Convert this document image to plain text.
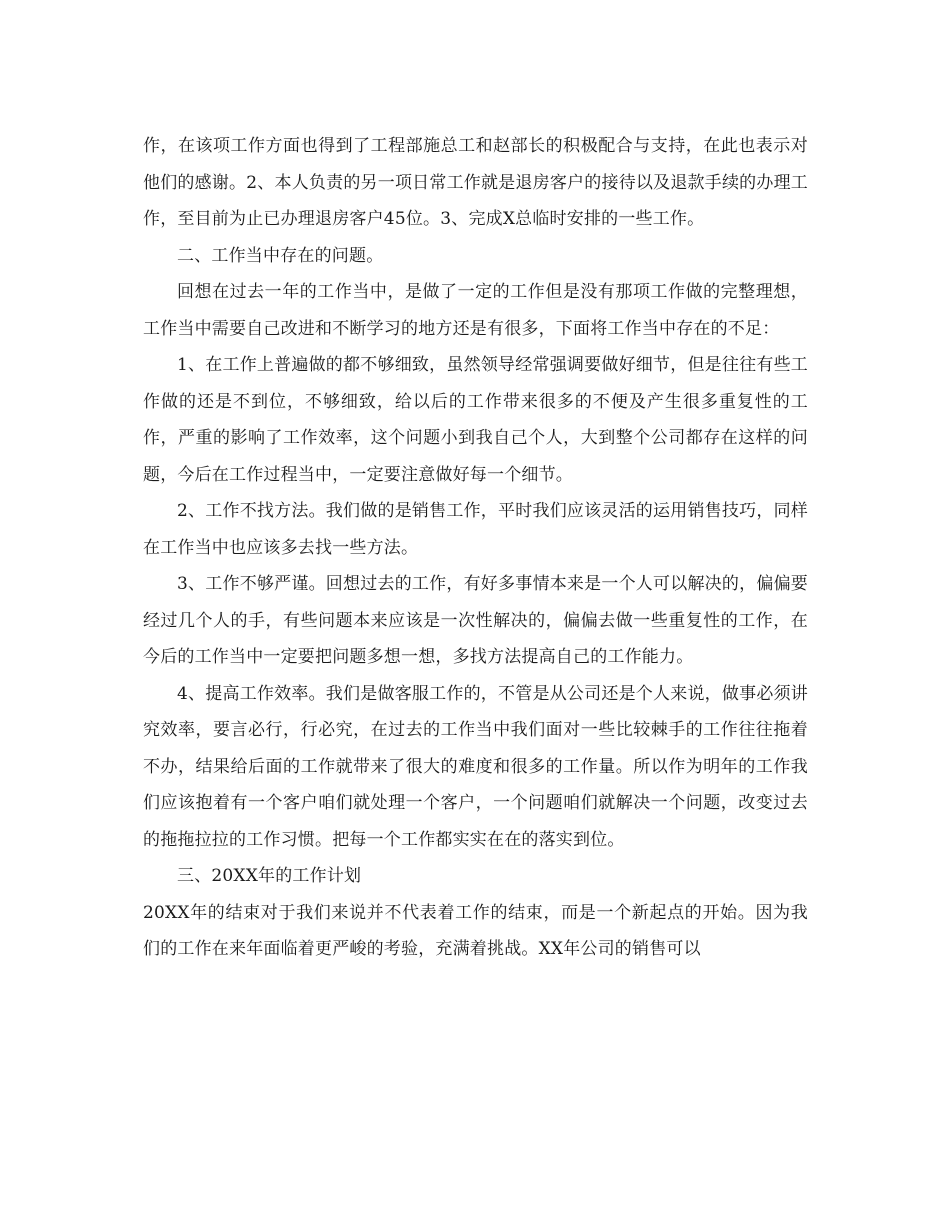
作，在该项工作方面也得到了工程部施总工和赵部长的积极配合与支持，在此也表示对他们的感谢。2、本人负责的另一项日常工作就是退房客户的接待以及退款手续的办理工作，至目前为止已办理退房客户45位。3、完成X总临时安排的一些工作。

二、工作当中存在的问题。

回想在过去一年的工作当中，是做了一定的工作但是没有那项工作做的完整理想，工作当中需要自己改进和不断学习的地方还是有很多，下面将工作当中存在的不足：

1、在工作上普遍做的都不够细致，虽然领导经常强调要做好细节，但是往往有些工作做的还是不到位，不够细致，给以后的工作带来很多的不便及产生很多重复性的工作，严重的影响了工作效率，这个问题小到我自己个人，大到整个公司都存在这样的问题，今后在工作过程当中，一定要注意做好每一个细节。

2、工作不找方法。我们做的是销售工作，平时我们应该灵活的运用销售技巧，同样在工作当中也应该多去找一些方法。

3、工作不够严谨。回想过去的工作，有好多事情本来是一个人可以解决的，偏偏要经过几个人的手，有些问题本来应该是一次性解决的，偏偏去做一些重复性的工作，在今后的工作当中一定要把问题多想一想，多找方法提高自己的工作能力。

4、提高工作效率。我们是做客服工作的，不管是从公司还是个人来说，做事必须讲究效率，要言必行，行必究，在过去的工作当中我们面对一些比较棘手的工作往往拖着不办，结果给后面的工作就带来了很大的难度和很多的工作量。所以作为明年的工作我们应该抱着有一个客户咱们就处理一个客户，一个问题咱们就解决一个问题，改变过去的拖拖拉拉的工作习惯。把每一个工作都实实在在的落实到位。

三、20XX年的工作计划

20XX年的结束对于我们来说并不代表着工作的结束，而是一个新起点的开始。因为我们的工作在来年面临着更严峻的考验，充满着挑战。XX年公司的销售可以
